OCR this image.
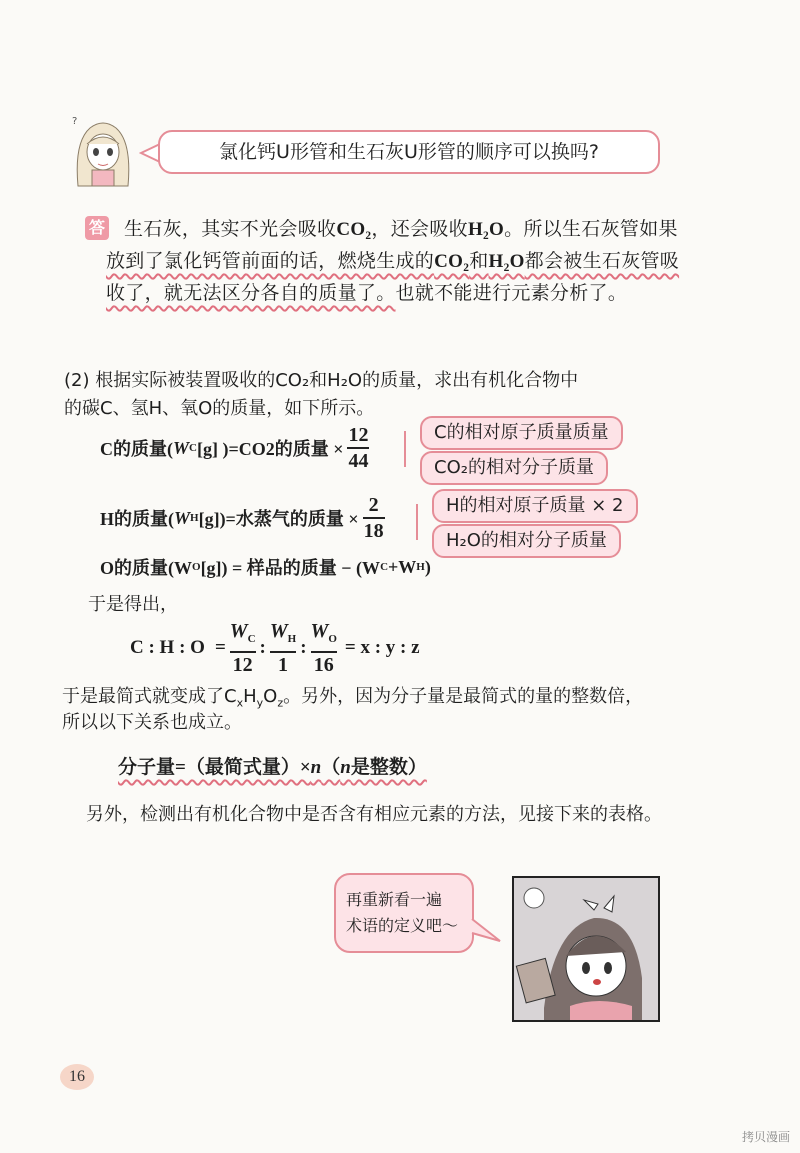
?
氯化钙U形管和生石灰U形管的顺序可以换吗?
答 生石灰，其实不光会吸收CO₂，还会吸收H₂O。所以生石灰管如果
放到了氯化钙管前面的话，燃烧生成的CO₂和H₂O都会被生石灰管吸
收了，就无法区分各自的质量了。也就不能进行元素分析了。
(2) 根据实际被装置吸收的CO₂和H₂O的质量，求出有机化合物中
的碳C、氢H、氧O的质量，如下所示。
C的质量( W C [g] )=CO2的质量 × $\frac{12}{44}$	C的相对原子质量质量
CO₂的相对分子质量
H的质量( W H [g])=水蒸气的质量 × $\frac{2}{18}$	H的相对原子质量 × 2
H₂O的相对分子质量
O的质量(W O [g]) = 样品的质量 − (W C +W H )
于是得出，
C : H : $O = \frac{W_C}{12}$ : $\frac{W_H}{1}$ : $\frac{W_O}{16} = x$ : y : z
于是最简式就变成了$C_xH_yO_z$。另外，因为分子量是最简式的量的整数倍，
所以以下关系也成立。
分子量=（最简式量）×n（n是整数）
另外，检测出有机化合物中是否含有相应元素的方法，见接下来的表格。
再重新看一遍
术语的定义吧〜
16
拷贝漫画
